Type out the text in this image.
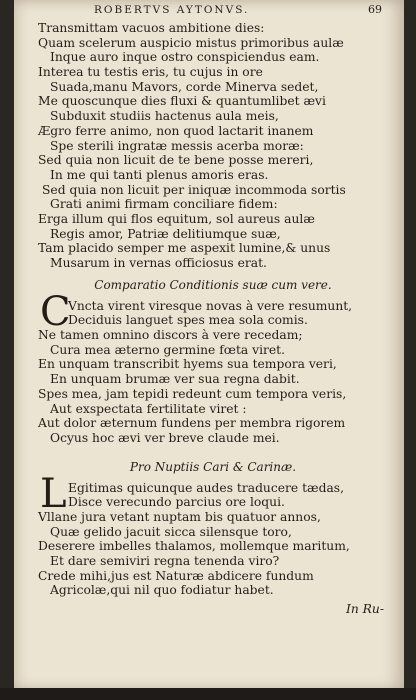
ROBERTVS AYTONVS.	69
Transmittam vacuos ambitione dies:
Quam scelerum auspicio mistus primoribus aulæ
Inque auro inque ostro conspiciendus eam.
Interea tu testis eris, tu cujus in ore
Suada,manu Mavors, corde Minerva sedet,
Me quoscunque dies fluxi & quantumlibet ævi
Subduxit studiis hactenus aula meis,
Ægro ferre animo, non quod lactarit inanem
Spe sterili ingratæ messis acerba moræ:
Sed quia non licuit de te bene posse mereri,
In me qui tanti plenus amoris eras.
Sed quia non licuit per iniquæ incommoda sortis
Grati animi firmam conciliare fidem:
Erga illum qui flos equitum, sol aureus aulæ
Regis amor, Patriæ delitiumque suæ,
Tam placido semper me aspexit lumine,& unus
Musarum in vernas officiosus erat.
Comparatio Conditionis suæ cum vere.
C
Vncta virent viresque novas à vere resumunt,
Deciduis languet spes mea sola comis.
Ne tamen omnino discors à vere recedam;
Cura mea æterno germine fœta viret.
En unquam transcribit hyems sua tempora veri,
En unquam brumæ ver sua regna dabit.
Spes mea, jam tepidi redeunt cum tempora veris,
Aut exspectata fertilitate viret :
Aut dolor æternum fundens per membra rigorem
Ocyus hoc ævi ver breve claude mei.
Pro Nuptiis Cari & Carinæ.
L Egitimas quicunque audes traducere tædas,
Disce verecundo parcius ore loqui.
Vllane jura vetant nuptam bis quatuor annos,
Quæ gelido jacuit sicca silensque toro,
Deserere imbelles thalamos, mollemque maritum,
Et dare semiviri regna tenenda viro?
Crede mihi,jus est Naturæ abdicere fundum
Agricolæ,qui nil quo fodiatur habet.
In Ru-
